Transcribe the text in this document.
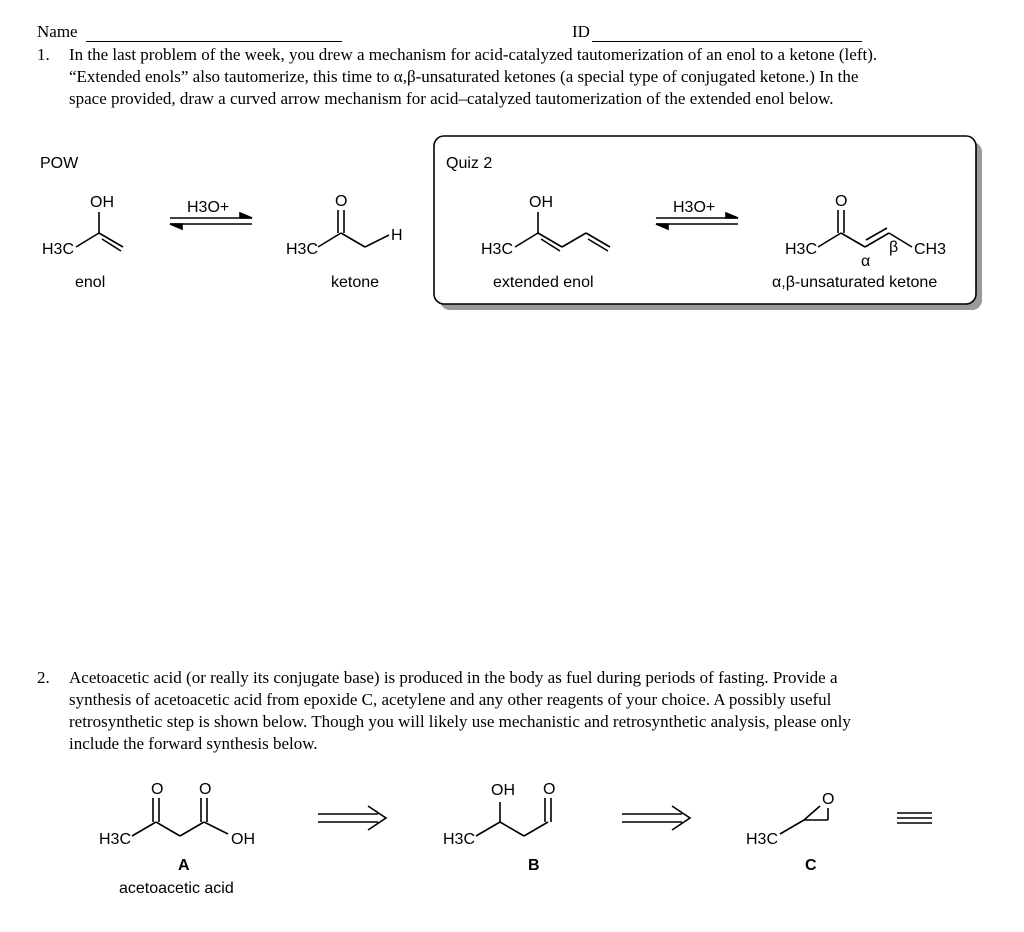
Name	ID
1. In the last problem of the week, you drew a mechanism for acid-catalyzed tautomerization of an enol to a ketone (left).
“Extended enols” also tautomerize, this time to α,β-unsaturated ketones (a special type of conjugated ketone.) In the
space provided, draw a curved arrow mechanism for acid–catalyzed tautomerization of the extended enol below.
POW
OH
H3C
enol
H3O+	O
H
H3C
ketone
Quiz 2
OH
H3C
extended enol
H3O+	O
H3C	CH3
β
α
α,β-unsaturated ketone
2. Acetoacetic acid (or really its conjugate base) is produced in the body as fuel during periods of fasting. Provide a
synthesis of acetoacetic acid from epoxide C, acetylene and any other reagents of your choice. A possibly useful
retrosynthetic step is shown below. Though you will likely use mechanistic and retrosynthetic analysis, please only
include the forward synthesis below.
O O
H3C	OH
A
acetoacetic acid
OH O
H3C
B
O
H3C
C
